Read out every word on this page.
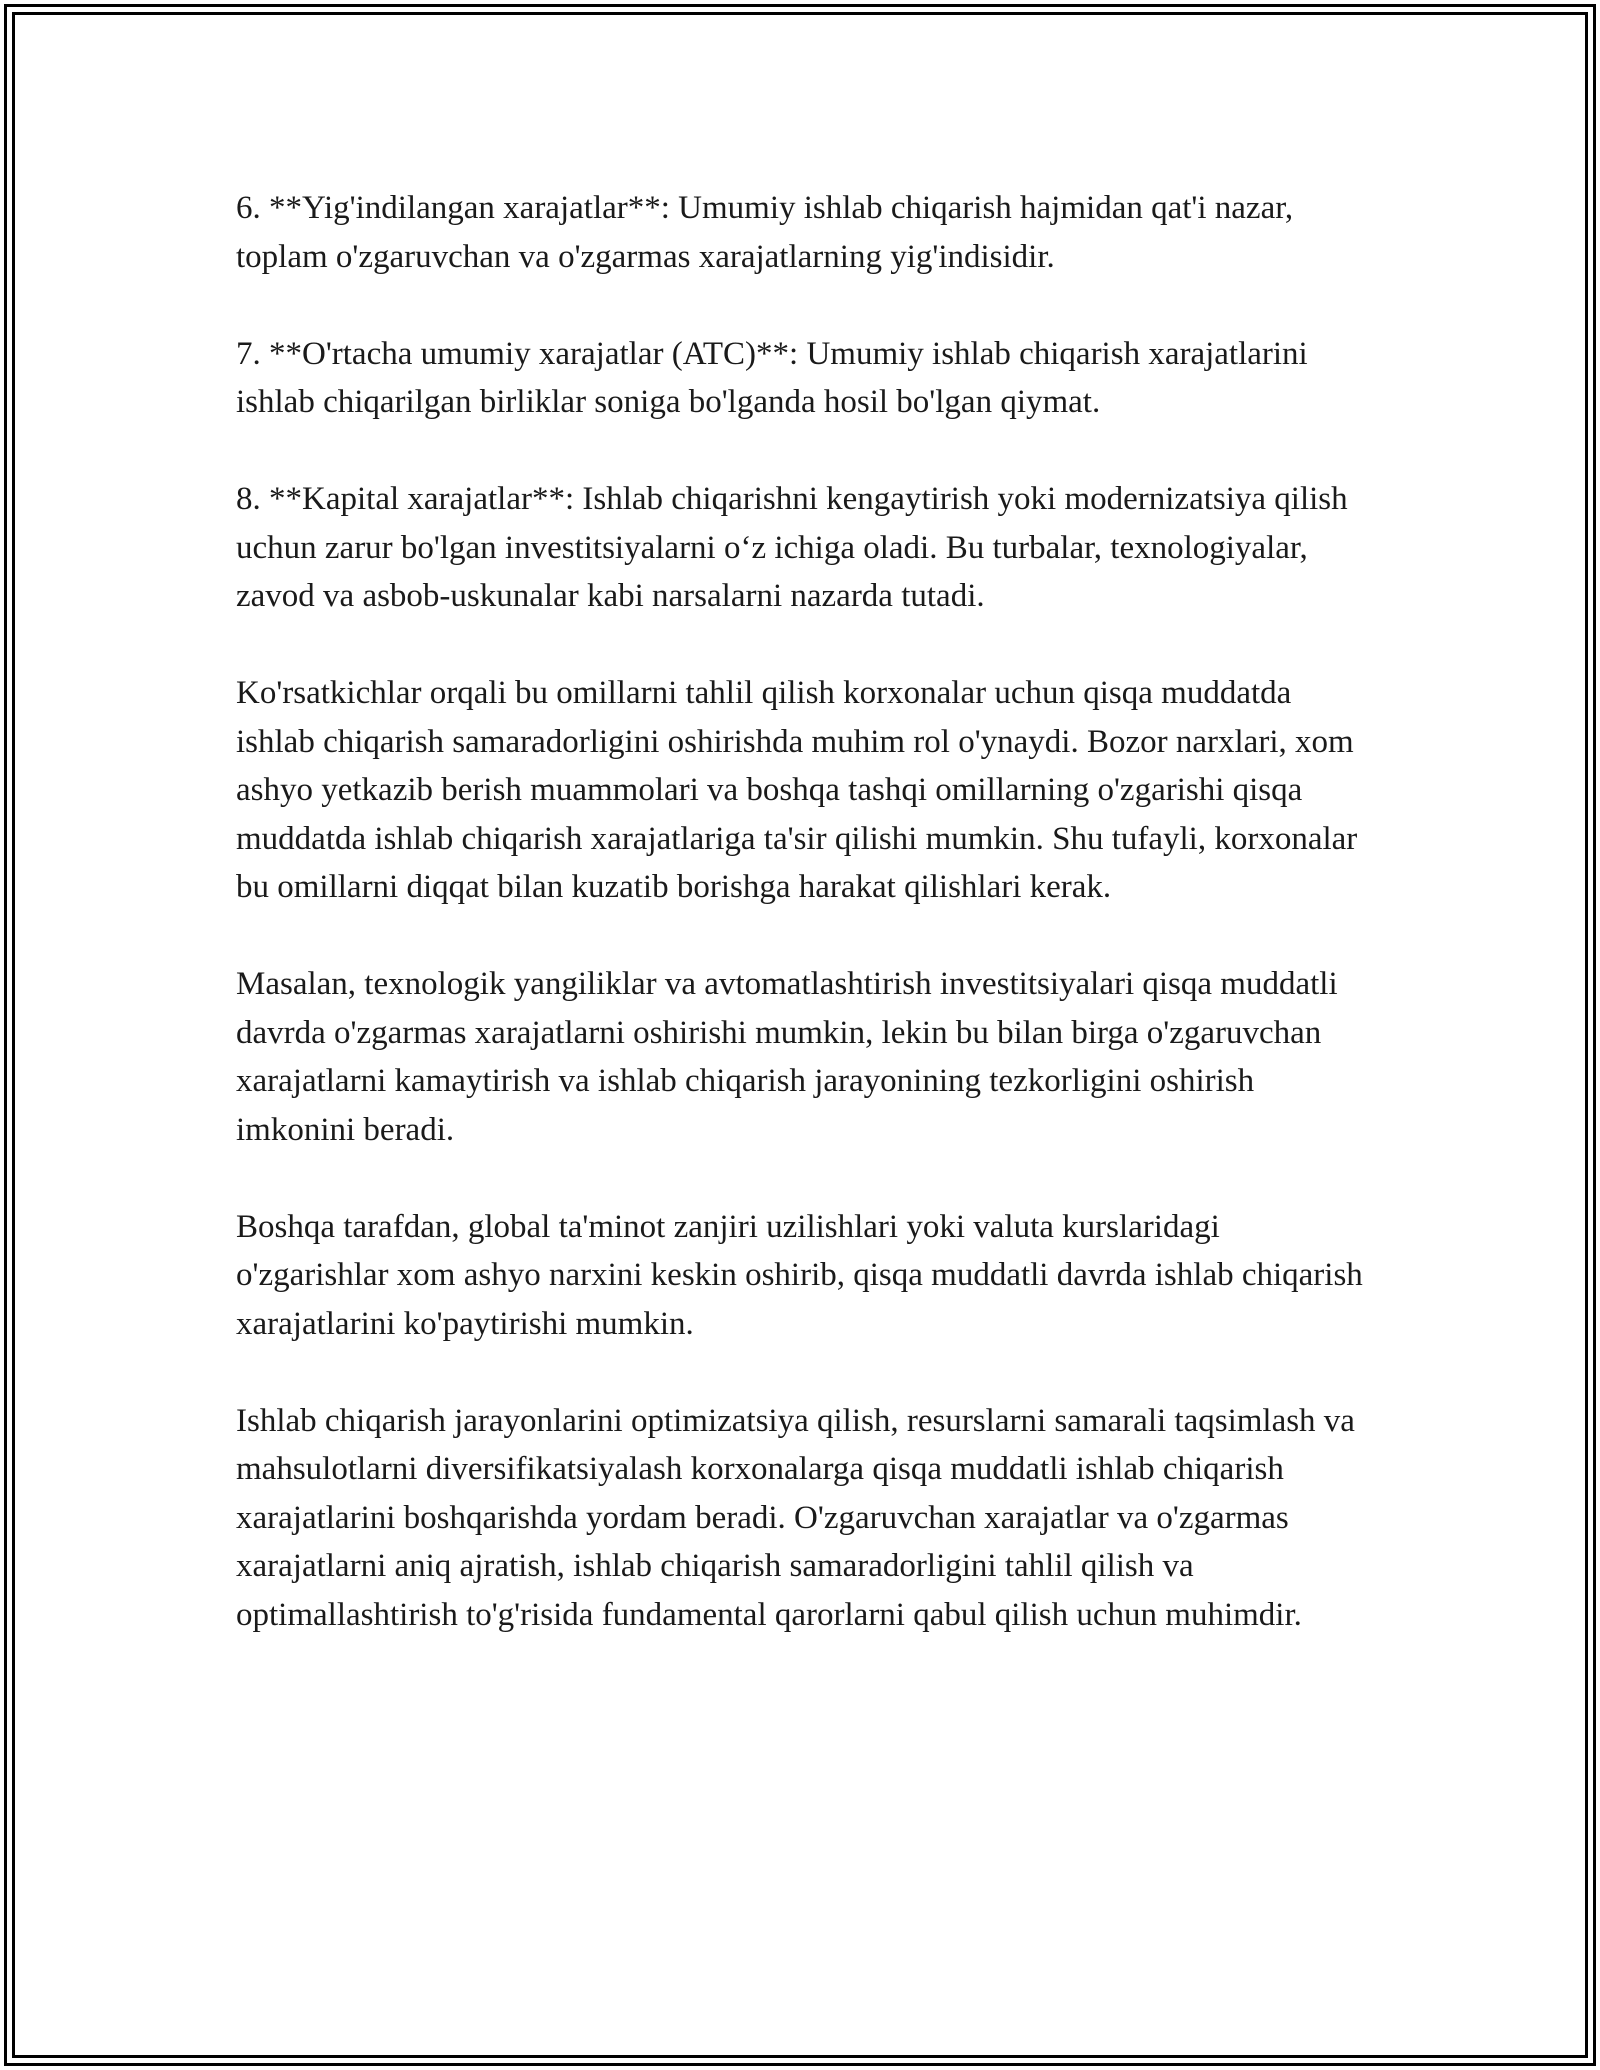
6. **Yig'indilangan xarajatlar**: Umumiy ishlab chiqarish hajmidan qat'i nazar, toplam o'zgaruvchan va o'zgarmas xarajatlarning yig'indisidir.

7. **O'rtacha umumiy xarajatlar (ATC)**: Umumiy ishlab chiqarish xarajatlarini ishlab chiqarilgan birliklar soniga bo'lganda hosil bo'lgan qiymat.

8. **Kapital xarajatlar**: Ishlab chiqarishni kengaytirish yoki modernizatsiya qilish uchun zarur bo'lgan investitsiyalarni o‘z ichiga oladi. Bu turbalar, texnologiyalar, zavod va asbob-uskunalar kabi narsalarni nazarda tutadi.

Ko'rsatkichlar orqali bu omillarni tahlil qilish korxonalar uchun qisqa muddatda ishlab chiqarish samaradorligini oshirishda muhim rol o'ynaydi. Bozor narxlari, xom ashyo yetkazib berish muammolari va boshqa tashqi omillarning o'zgarishi qisqa muddatda ishlab chiqarish xarajatlariga ta'sir qilishi mumkin. Shu tufayli, korxonalar bu omillarni diqqat bilan kuzatib borishga harakat qilishlari kerak.

Masalan, texnologik yangiliklar va avtomatlashtirish investitsiyalari qisqa muddatli davrda o'zgarmas xarajatlarni oshirishi mumkin, lekin bu bilan birga o'zgaruvchan xarajatlarni kamaytirish va ishlab chiqarish jarayonining tezkorligini oshirish imkonini beradi.

Boshqa tarafdan, global ta'minot zanjiri uzilishlari yoki valuta kurslaridagi o'zgarishlar xom ashyo narxini keskin oshirib, qisqa muddatli davrda ishlab chiqarish xarajatlarini ko'paytirishi mumkin.

Ishlab chiqarish jarayonlarini optimizatsiya qilish, resurslarni samarali taqsimlash va mahsulotlarni diversifikatsiyalash korxonalarga qisqa muddatli ishlab chiqarish xarajatlarini boshqarishda yordam beradi. O'zgaruvchan xarajatlar va o'zgarmas xarajatlarni aniq ajratish, ishlab chiqarish samaradorligini tahlil qilish va optimallashtirish to'g'risida fundamental qarorlarni qabul qilish uchun muhimdir.
